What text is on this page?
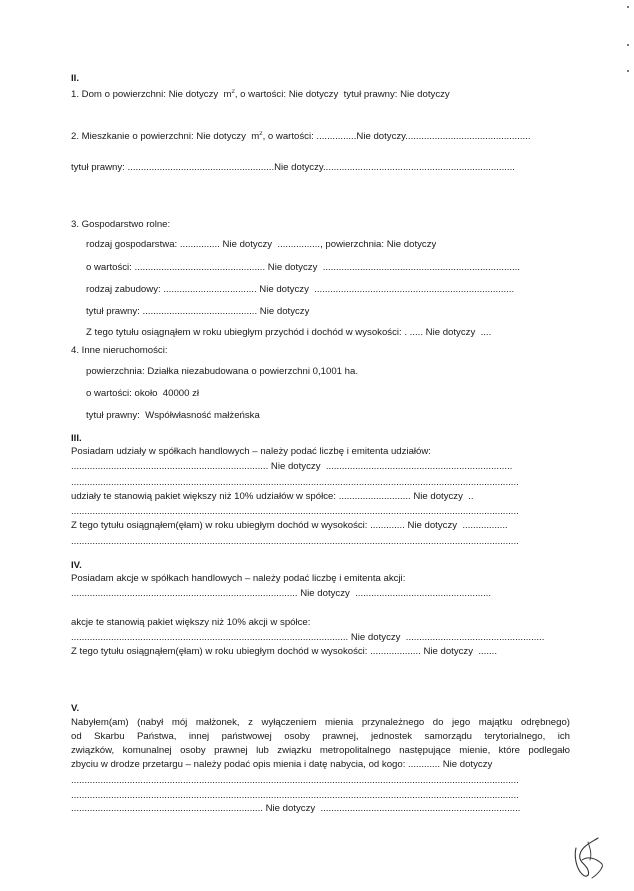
II.
1. Dom o powierzchni: Nie dotyczy  $m^2$, o wartości: Nie dotyczy  tytuł prawny: Nie dotyczy
2. Mieszkanie o powierzchni: Nie dotyczy  $m^2$, o wartości: ...............Nie dotyczy...............................................
tytuł prawny: .......................................................Nie dotyczy........................................................................
3. Gospodarstwo rolne:
rodzaj gospodarstwa: ............... Nie dotyczy  ................, powierzchnia: Nie dotyczy
o wartości: ................................................. Nie dotyczy  ..........................................................................
rodzaj zabudowy: ................................... Nie dotyczy  ...........................................................................
tytuł prawny: ........................................... Nie dotyczy
Z tego tytułu osiągnąłem w roku ubiegłym przychód i dochód w wysokości: . ..... Nie dotyczy  ....
4. Inne nieruchomości:
powierzchnia: Działka niezabudowana o powierzchni 0,1001 ha.
o wartości: około  40000 zł
tytuł prawny:  Współwłasność małżeńska
III.
Posiadam udziały w spółkach handlowych – należy podać liczbę i emitenta udziałów:
.......................................................................... Nie dotyczy  ......................................................................
........................................................................................................................................................................
udziały te stanowią pakiet większy niż 10% udziałów w spółce: ........................... Nie dotyczy  ..
........................................................................................................................................................................
Z tego tytułu osiągnąłem(ęłam) w roku ubiegłym dochód w wysokości: ............. Nie dotyczy  .................
........................................................................................................................................................................
IV.
Posiadam akcje w spółkach handlowych – należy podać liczbę i emitenta akcji:
..................................................................................... Nie dotyczy  ...................................................
akcje te stanowią pakiet większy niż 10% akcji w spółce:
........................................................................................................ Nie dotyczy  ....................................................
Z tego tytułu osiągnąłem(ęłam) w roku ubiegłym dochód w wysokości: ................... Nie dotyczy  .......
V.
Nabyłem(am) (nabył mój małżonek, z wyłączeniem mienia przynależnego do jego majątku odrębnego)
od Skarbu Państwa, innej państwowej osoby prawnej, jednostek samorządu terytorialnego, ich
związków, komunalnej osoby prawnej lub związku metropolitalnego następujące mienie, które podlegało
zbyciu w drodze przetargu – należy podać opis mienia i datę nabycia, od kogo: ............ Nie dotyczy
........................................................................................................................................................................
........................................................................................................................................................................
........................................................................ Nie dotyczy  ...........................................................................
